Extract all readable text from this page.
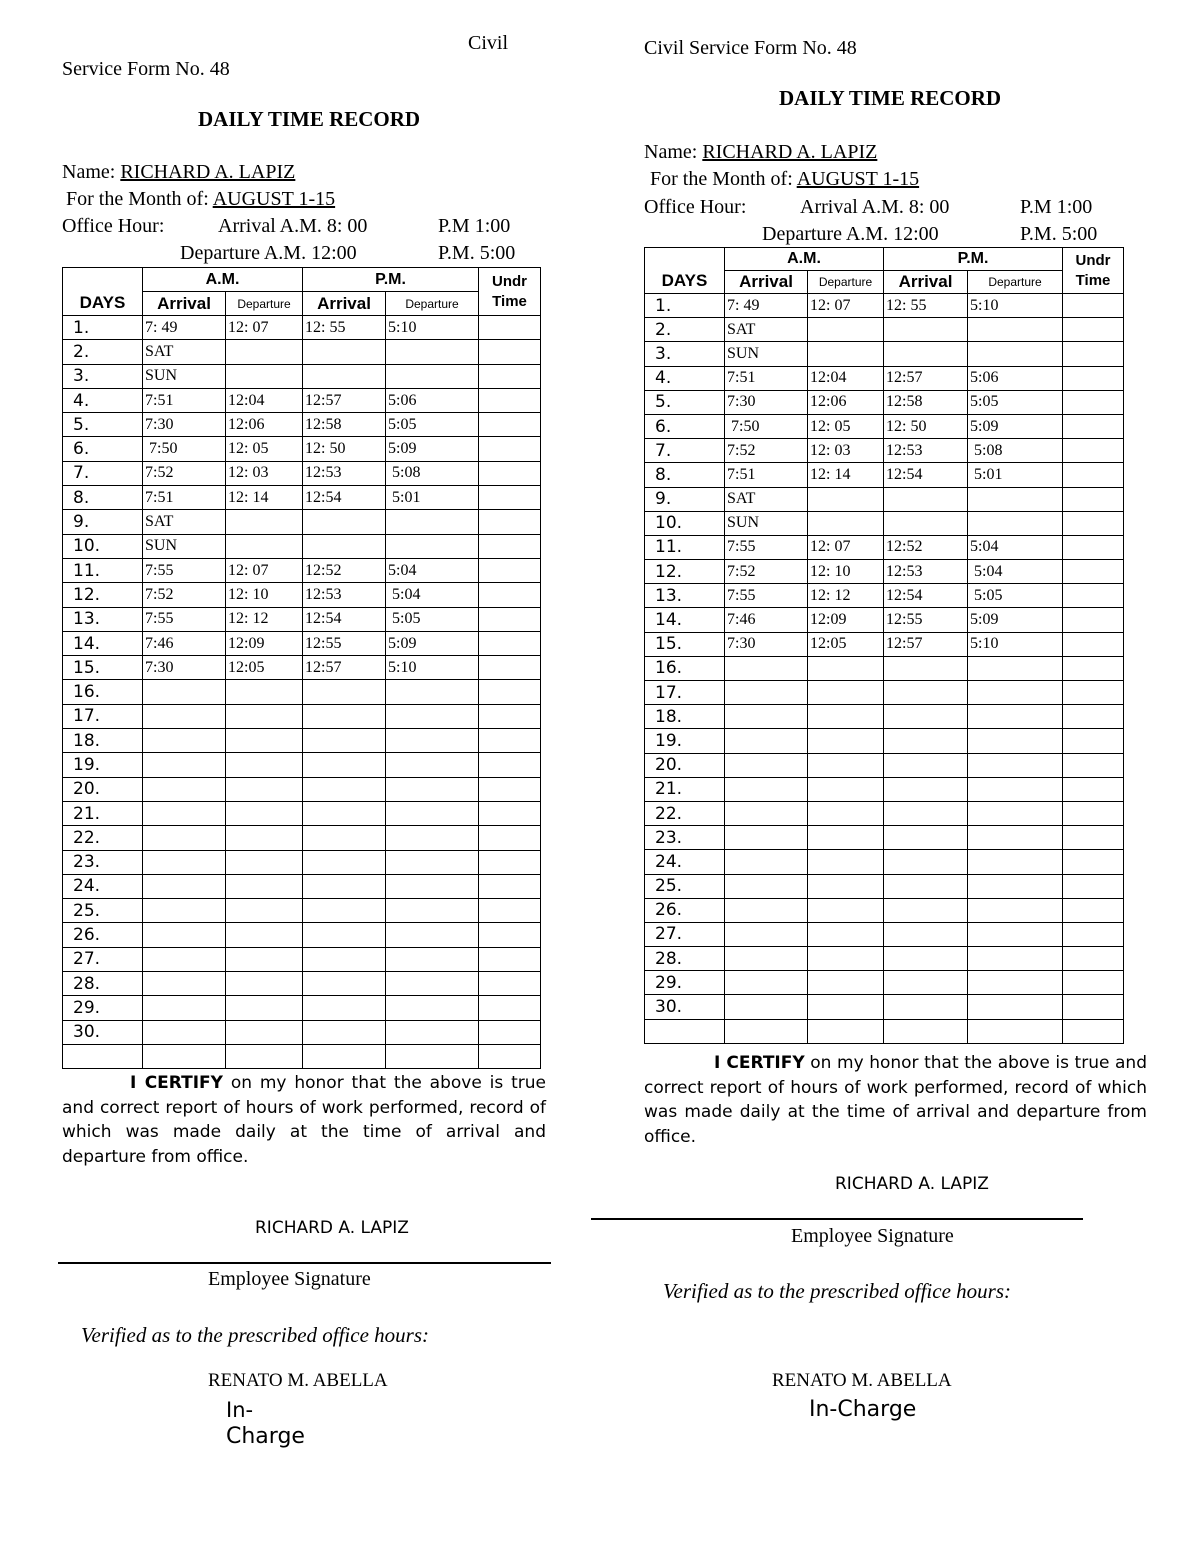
Civil
Service Form No. 48
DAILY TIME RECORD
Name: RICHARD A. LAPIZ
For the Month of: AUGUST 1-15
Office Hour:	Arrival A.M. 8: 00	P.M 1:00
Departure A.M. 12:00	P.M. 5:00
DAYS	A.M.		P.M.		Undr
Time

	Arrival	Departure	Arrival	Departure	
1.	7: 49	12: 07	12: 55	5:10	
2.	SAT				
3.	SUN				
4.	7:51	12:04	12:57	5:06	
5.	7:30	12:06	12:58	5:05	
6.	7:50	12: 05	12: 50	5:09	
7.	7:52	12: 03	12:53	5:08	
8.	7:51	12: 14	12:54	5:01	
9.	SAT				
10.	SUN				
11.	7:55	12: 07	12:52	5:04	
12.	7:52	12: 10	12:53	5:04	
13.	7:55	12: 12	12:54	5:05	
14.	7:46	12:09	12:55	5:09	
15.	7:30	12:05	12:57	5:10	
16.					
17.					
18.					
19.					
20.					
21.					
22.					
23.					
24.					
25.					
26.					
27.					
28.					
29.					
30.					

I CERTIFY on my honor that the above is true and correct report of hours of work performed, record of which was made daily at the time of arrival and departure from office.
RICHARD A. LAPIZ
Employee Signature
Verified as to the prescribed office hours:
RENATO M. ABELLA
In-
Charge
Civil Service Form No. 48
DAILY TIME RECORD
Name: RICHARD A. LAPIZ
For the Month of: AUGUST 1-15
Office Hour:	Arrival A.M. 8: 00	P.M 1:00
Departure A.M. 12:00	P.M. 5:00
DAYS	A.M.		P.M.		Undr
Time

	Arrival	Departure	Arrival	Departure	
1.	7: 49	12: 07	12: 55	5:10	
2.	SAT				
3.	SUN				
4.	7:51	12:04	12:57	5:06	
5.	7:30	12:06	12:58	5:05	
6.	7:50	12: 05	12: 50	5:09	
7.	7:52	12: 03	12:53	5:08	
8.	7:51	12: 14	12:54	5:01	
9.	SAT				
10.	SUN				
11.	7:55	12: 07	12:52	5:04	
12.	7:52	12: 10	12:53	5:04	
13.	7:55	12: 12	12:54	5:05	
14.	7:46	12:09	12:55	5:09	
15.	7:30	12:05	12:57	5:10	
16.					
17.					
18.					
19.					
20.					
21.					
22.					
23.					
24.					
25.					
26.					
27.					
28.					
29.					
30.					

I CERTIFY on my honor that the above is true and correct report of hours of work performed, record of which was made daily at the time of arrival and departure from office.
RICHARD A. LAPIZ
Employee Signature
Verified as to the prescribed office hours:
RENATO M. ABELLA
In-Charge
